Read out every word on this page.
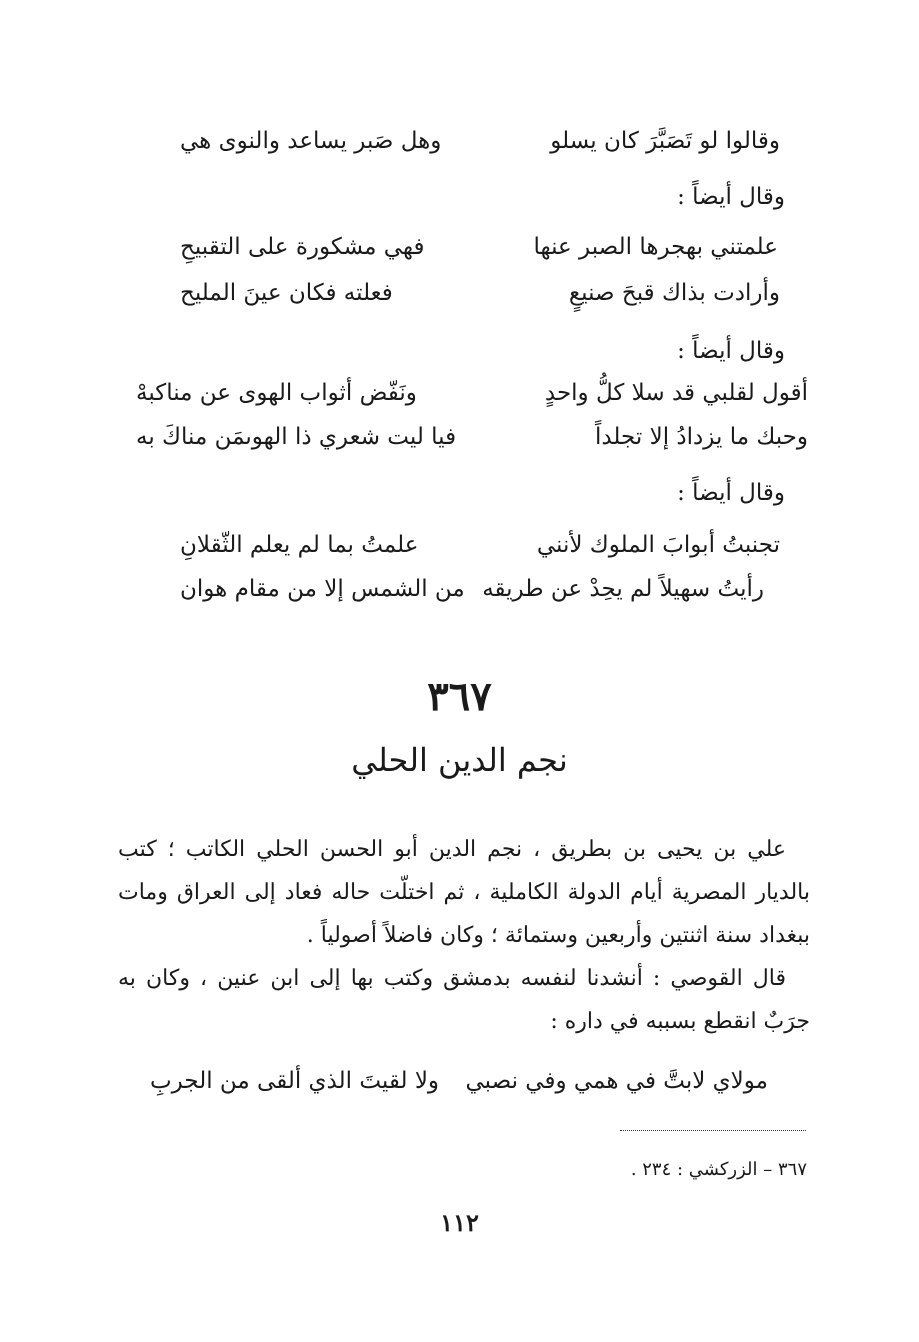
وقالوا لو تَصَبَّرَ كان يسلو
وهل صَبر يساعد والنوى هي
وقال أيضاً :
علمتني بهجرها الصبر عنها
فهي مشكورة على التقبيحِ
وأرادت بذاك قبحَ صنيعٍ
فعلته فكان عينَ المليح
وقال أيضاً :
أقول لقلبي قد سلا كلُّ واحدٍ
ونَفّض أثواب الهوى عن مناكبهْ
وحبك ما يزدادُ إلا تجلداً
فيا ليت شعري ذا الهوىمَن مناكَ به
وقال أيضاً :
تجنبتُ أبوابَ الملوك لأنني
علمتُ بما لم يعلم الثّقلانِ
رأيتُ سهيلاً لم يحِدْ عن طريقه
من الشمس إلا من مقام هوان
٣٦٧
نجم الدين الحلي

علي بن يحيى بن بطريق ، نجم الدين أبو الحسن الحلي الكاتب ؛ كتب بالديار المصرية أيام الدولة الكاملية ، ثم اختلّت حاله فعاد إلى العراق ومات ببغداد سنة اثنتين وأربعين وستمائة ؛ وكان فاضلاً أصولياً .

قال القوصي : أنشدنا لنفسه بدمشق وكتب بها إلى ابن عنين ، وكان به جرَبٌ انقطع بسببه في داره :

مولاي لابتَّ في همي وفي نصبي
ولا لقيتَ الذي ألقى من الجربِ
٣٦٧ – الزركشي : ٢٣٤ .
١١٢
